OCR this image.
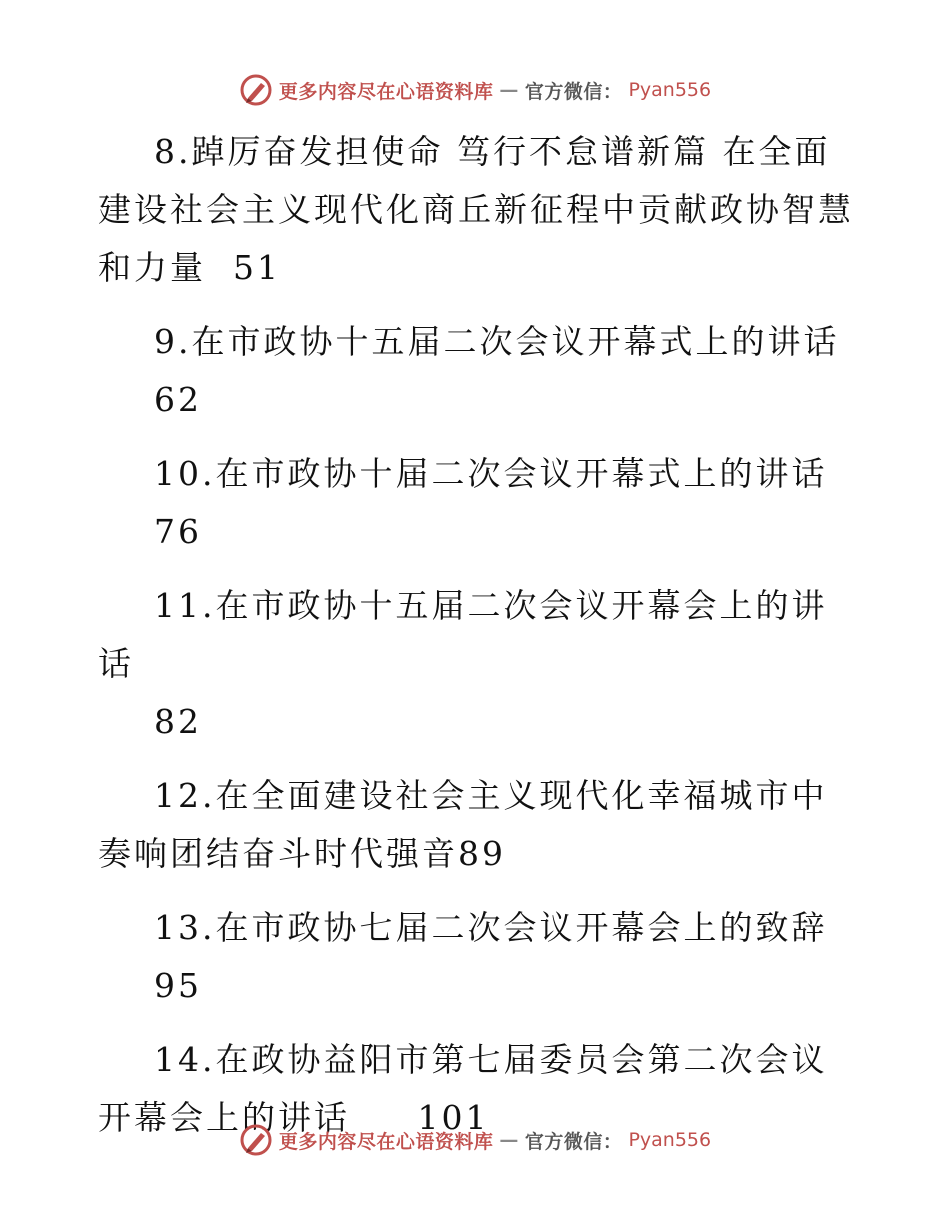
更多内容尽在心语资料库 — 官方微信： Pyan556

8.踔厉奋发担使命 笃行不怠谱新篇 在全面建设社会主义现代化商丘新征程中贡献政协智慧和力量 51

9.在市政协十五届二次会议开幕式上的讲话
62

10.在市政协十届二次会议开幕式上的讲话
76

11.在市政协十五届二次会议开幕会上的讲话
82

12.在全面建设社会主义现代化幸福城市中奏响团结奋斗时代强音89

13.在市政协七届二次会议开幕会上的致辞
95

14.在政协益阳市第七届委员会第二次会议开幕会上的讲话 101

更多内容尽在心语资料库 — 官方微信： Pyan556
